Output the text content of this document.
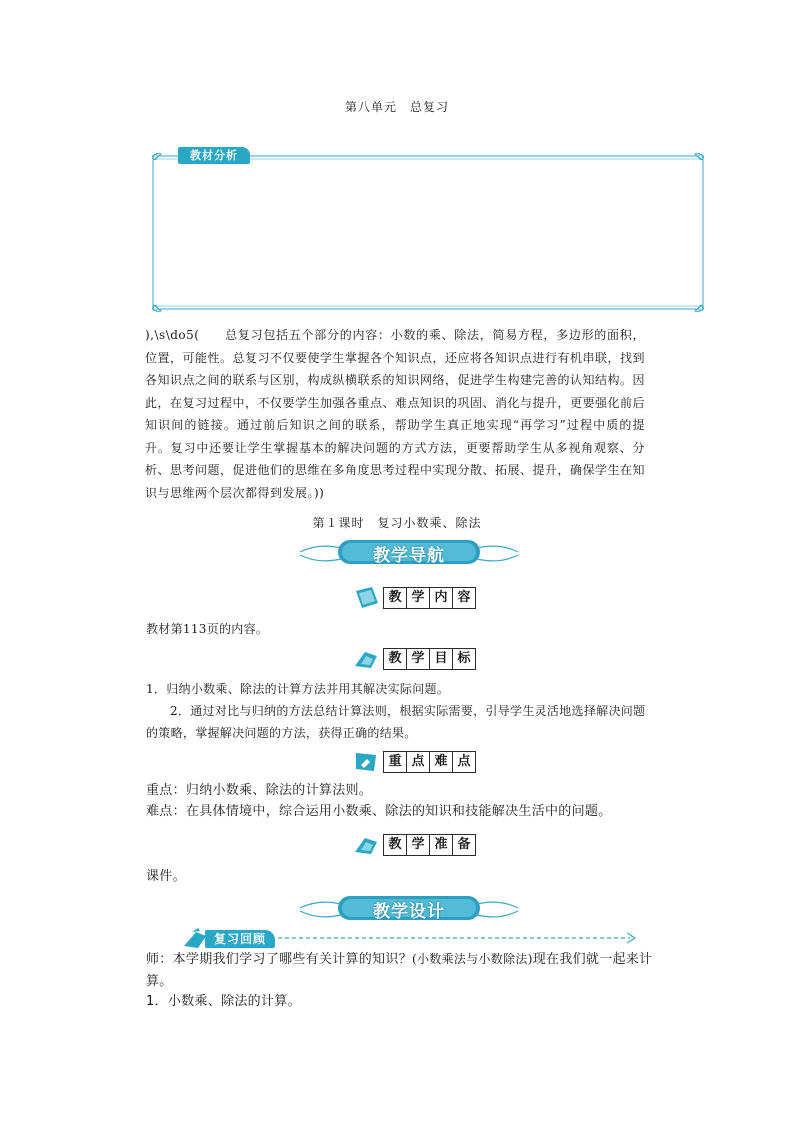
第八单元　总复习
教材分析
),\s\do5(　　总复习包括五个部分的内容：小数的乘、除法，简易方程，多边形的面积，位置，可能性。总复习不仅要使学生掌握各个知识点，还应将各知识点进行有机串联，找到各知识点之间的联系与区别，构成纵横联系的知识网络，促进学生构建完善的认知结构。因此，在复习过程中，不仅要学生加强各重点、难点知识的巩固、消化与提升，更要强化前后知识间的链接。通过前后知识之间的联系，帮助学生真正地实现“再学习”过程中质的提升。复习中还要让学生掌握基本的解决问题的方式方法，更要帮助学生从多视角观察、分析、思考问题，促进他们的思维在多角度思考过程中实现分散、拓展、提升，确保学生在知识与思维两个层次都得到发展。))
第１课时　复习小数乘、除法
教学导航
教 学 内 容
教材第113页的内容。
教 学 目 标
1．归纳小数乘、除法的计算方法并用其解决实际问题。
2．通过对比与归纳的方法总结计算法则，根据实际需要，引导学生灵活地选择解决问题的策略，掌握解决问题的方法，获得正确的结果。
重 点 难 点
重点：归纳小数乘、除法的计算法则。
难点：在具体情境中，综合运用小数乘、除法的知识和技能解决生活中的问题。
教 学 准 备
课件。
教学设计
复习回顾
师：本学期我们学习了哪些有关计算的知识？(小数乘法与小数除法)现在我们就一起来计算。
1．小数乘、除法的计算。
